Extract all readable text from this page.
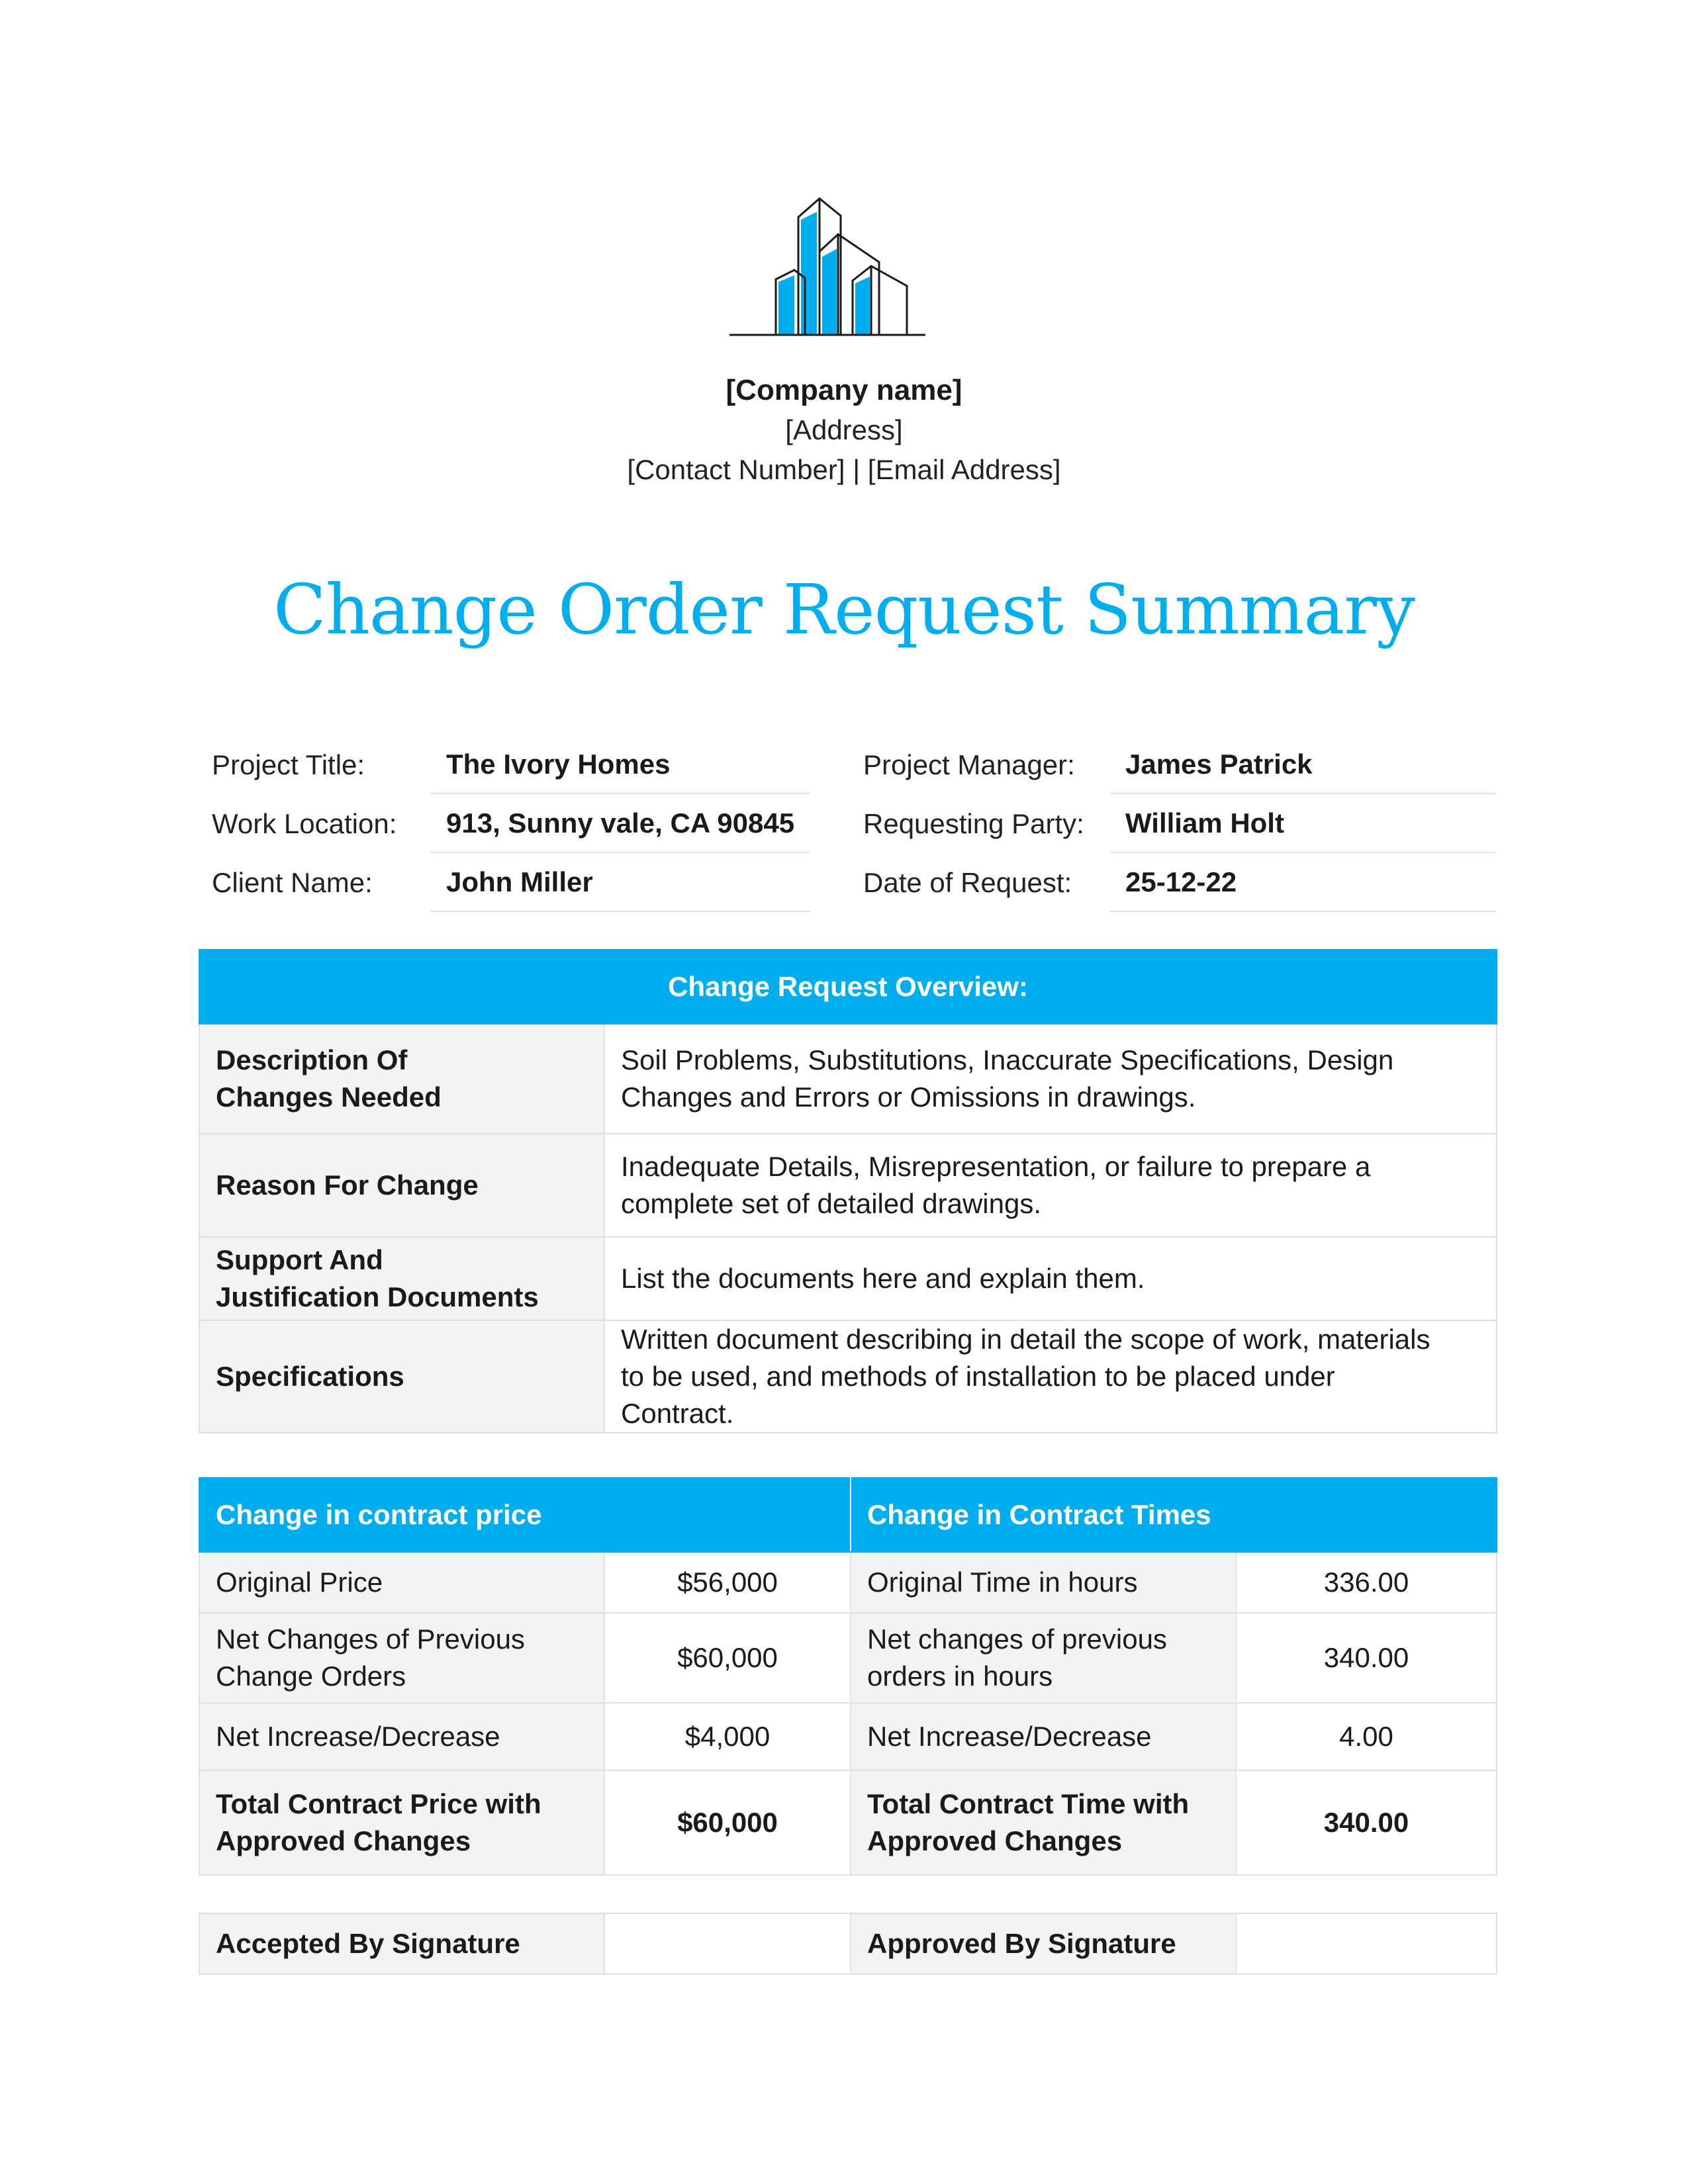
[Company name]
[Address]
[Contact Number] | [Email Address]
Change Order Request Summary
Project Title:	The Ivory Homes
Work Location:	913, Sunny vale, CA 90845
Client Name:	John Miller
Project Manager:	James Patrick
Requesting Party:	William Holt
Date of Request:	25-12-22
Change Request Overview:	
Description Of
Changes Needed	Soil Problems, Substitutions, Inaccurate Specifications, Design
Changes and Errors or Omissions in drawings.
Reason For Change	Inadequate Details, Misrepresentation, or failure to prepare a
complete set of detailed drawings.
Support And
Justification Documents	List the documents here and explain them.
Specifications	Written document describing in detail the scope of work, materials
to be used, and methods of installation to be placed under
Contract.
Change in contract price		Change in Contract Times	
Original Price	$56,000	Original Time in hours	336.00
Net Changes of Previous
Change Orders	$60,000	Net changes of previous
orders in hours	340.00
Net Increase/Decrease	$4,000	Net Increase/Decrease	4.00
Total Contract Price with
Approved Changes	$60,000	Total Contract Time with
Approved Changes	340.00
Accepted By Signature		Approved By Signature	
